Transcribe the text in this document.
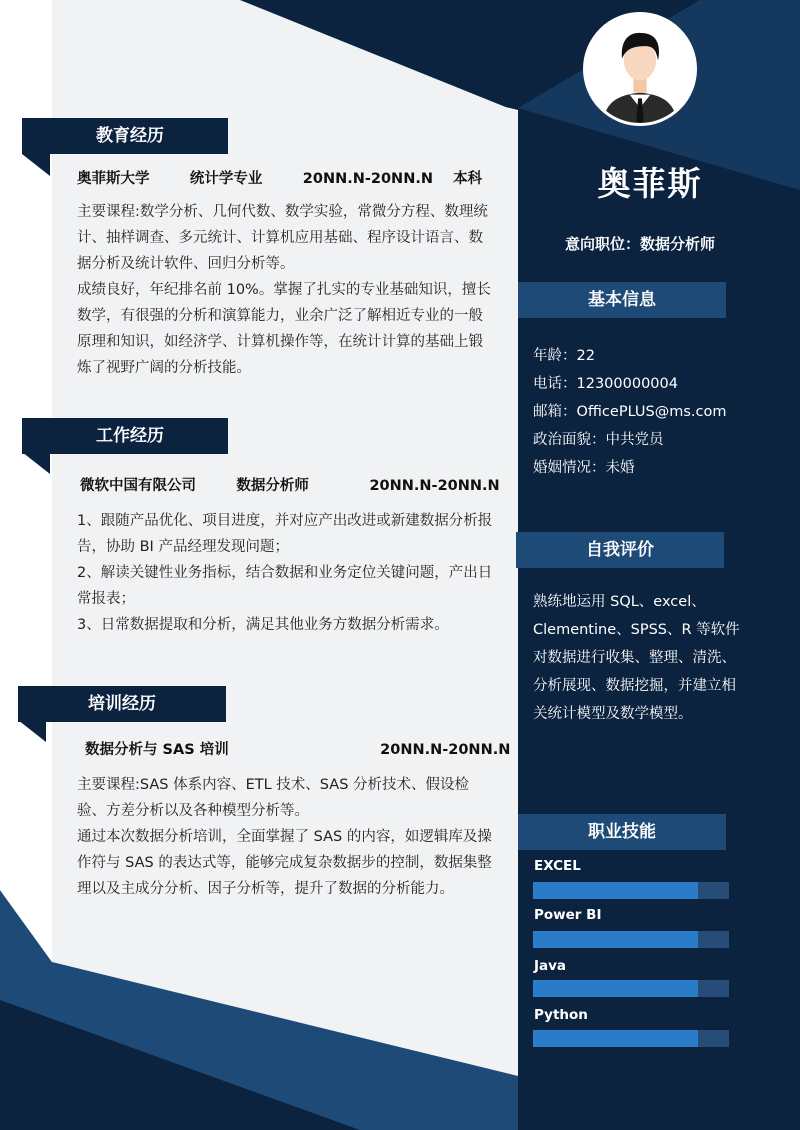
奥菲斯
意向职位：数据分析师
基本信息
年龄：22
电话：12300000004
邮箱：OfficePLUS@ms.com
政治面貌：中共党员
婚姻情况：未婚
自我评价
熟练地运用 SQL、excel、Clementine、SPSS、R 等软件对数据进行收集、整理、清洗、分析展现、数据挖掘，并建立相关统计模型及数学模型。
职业技能
EXCEL
Power BI
Java
Python
教育经历
奥菲斯大学        统计学专业        20NN.N-20NN.N    本科

主要课程:数学分析、几何代数、数学实验，常微分方程、数理统计、抽样调查、多元统计、计算机应用基础、程序设计语言、数据分析及统计软件、回归分析等。

成绩良好，年纪排名前 10%。掌握了扎实的专业基础知识，擅长数学，有很强的分析和演算能力，业余广泛了解相近专业的一般原理和知识，如经济学、计算机操作等，在统计计算的基础上锻炼了视野广阔的分析技能。

工作经历
微软中国有限公司        数据分析师            20NN.N-20NN.N

1、跟随产品优化、项目进度，并对应产出改进或新建数据分析报告，协助 BI 产品经理发现问题；

2、解读关键性业务指标，结合数据和业务定位关键问题，产出日常报表；

3、日常数据提取和分析，满足其他业务方数据分析需求。

培训经历
数据分析与 SAS 培训                              20NN.N-20NN.N

主要课程:SAS 体系内容、ETL 技术、SAS 分析技术、假设检验、方差分析以及各种模型分析等。

通过本次数据分析培训，全面掌握了 SAS 的内容，如逻辑库及操作符与 SAS 的表达式等，能够完成复杂数据步的控制，数据集整理以及主成分分析、因子分析等，提升了数据的分析能力。
